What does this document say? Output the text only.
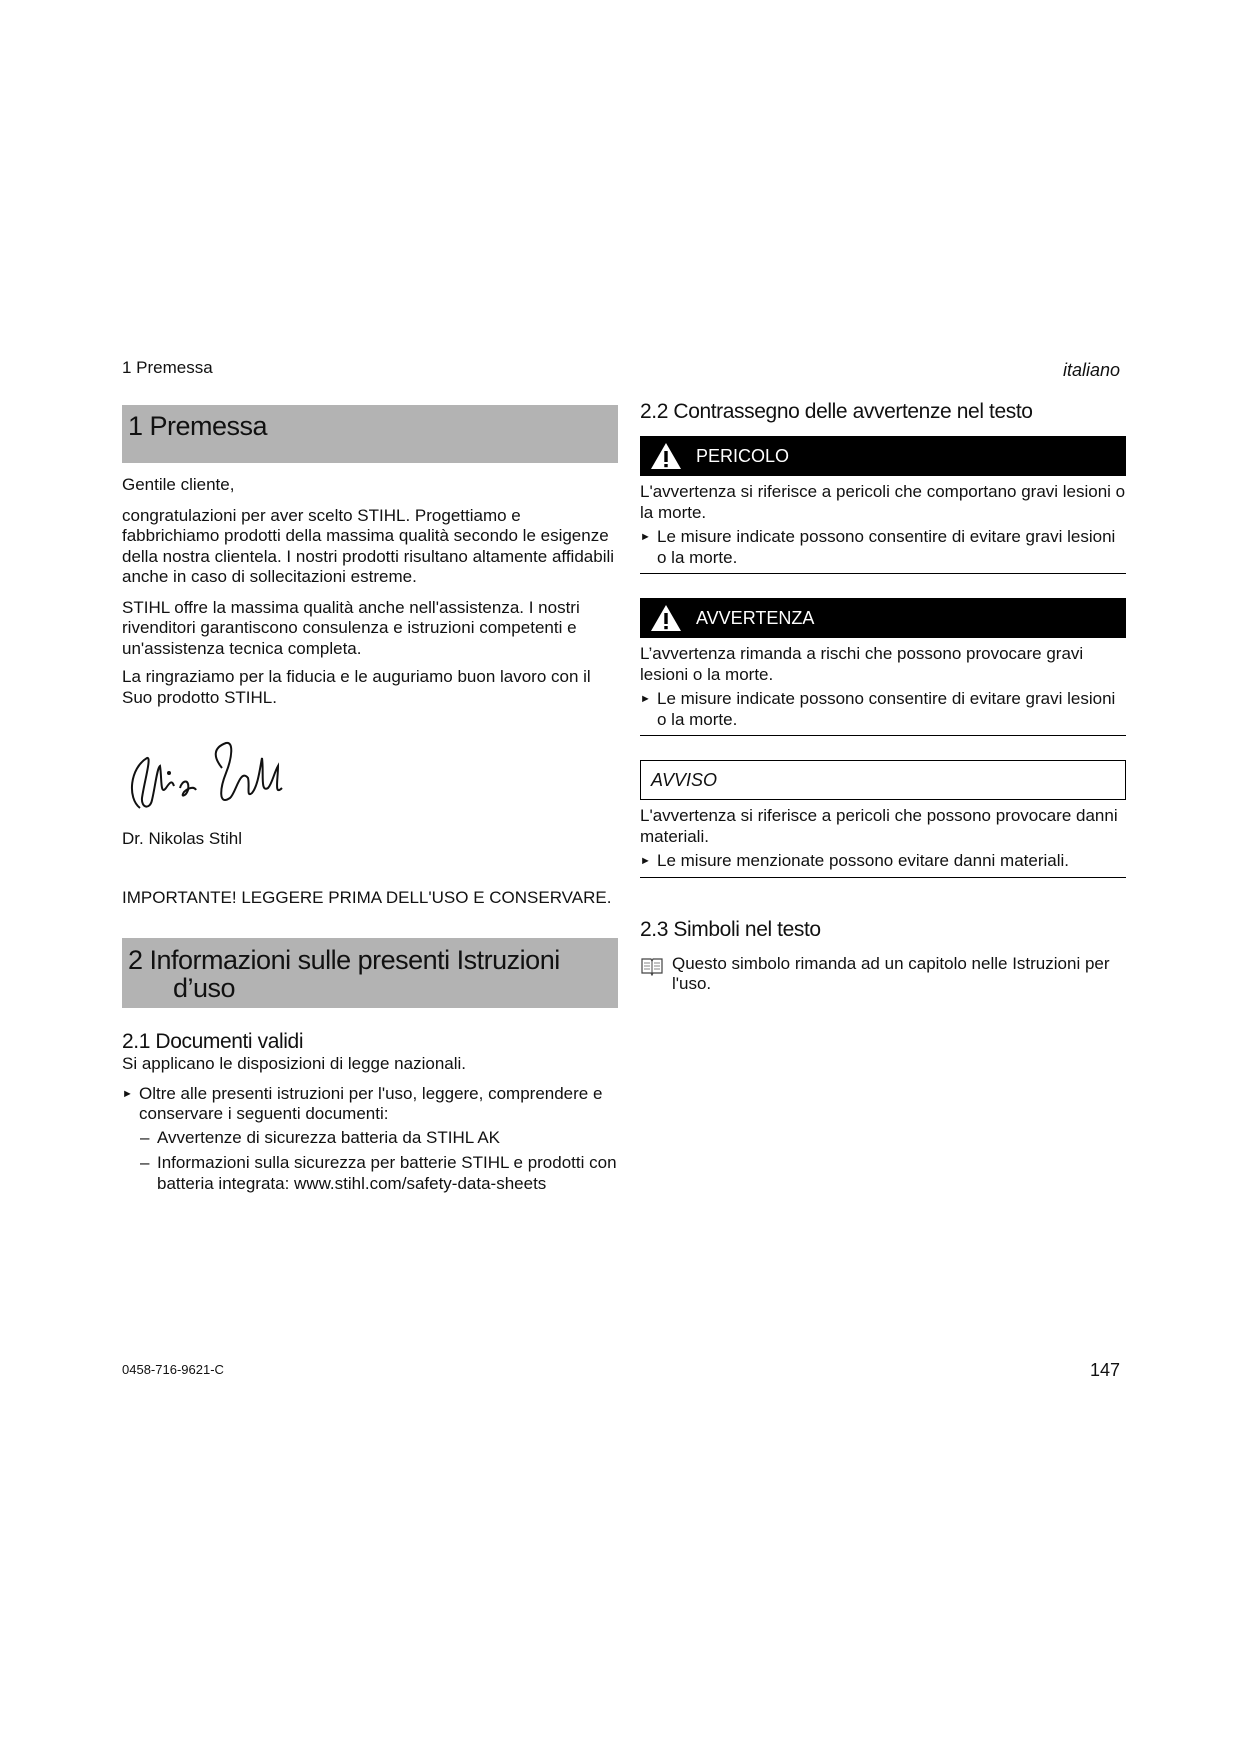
1 Premessa	italiano
1 Premessa

Gentile cliente,

congratulazioni per aver scelto STIHL. Progettiamo e fabbrichiamo prodotti della massima qualità secondo le esigenze della nostra clientela. I nostri prodotti risultano altamente affidabili anche in caso di sollecitazioni estreme.

STIHL offre la massima qualità anche nell'assistenza. I nostri rivenditori garantiscono consulenza e istruzioni competenti e un'assistenza tecnica completa.

La ringraziamo per la fiducia e le auguriamo buon lavoro con il Suo prodotto STIHL.

Dr. Nikolas Stihl

IMPORTANTE! LEGGERE PRIMA DELL'USO E CONSERVARE.

2 Informazioni sulle presenti Istruzioni
d’uso
2.1 Documenti validi

Si applicano le disposizioni di legge nazionali.

► Oltre alle presenti istruzioni per l'uso, leggere, comprendere e conservare i seguenti documenti:
– Avvertenze di sicurezza batteria da STIHL AK
– Informazioni sulla sicurezza per batterie STIHL e prodotti con batteria integrata: www.stihl.com/safety-data-sheets
2.2 Contrassegno delle avvertenze nel testo
PERICOLO

L'avvertenza si riferisce a pericoli che comportano gravi lesioni o la morte.

► Le misure indicate possono consentire di evitare gravi lesioni o la morte.
AVVERTENZA

L’avvertenza rimanda a rischi che possono provocare gravi lesioni o la morte.

► Le misure indicate possono consentire di evitare gravi lesioni o la morte.
AVVISO

L'avvertenza si riferisce a pericoli che possono provocare danni materiali.

► Le misure menzionate possono evitare danni materiali.
2.3 Simboli nel testo

Questo simbolo rimanda ad un capitolo nelle Istruzioni per l'uso.

0458-716-9621-C	147
